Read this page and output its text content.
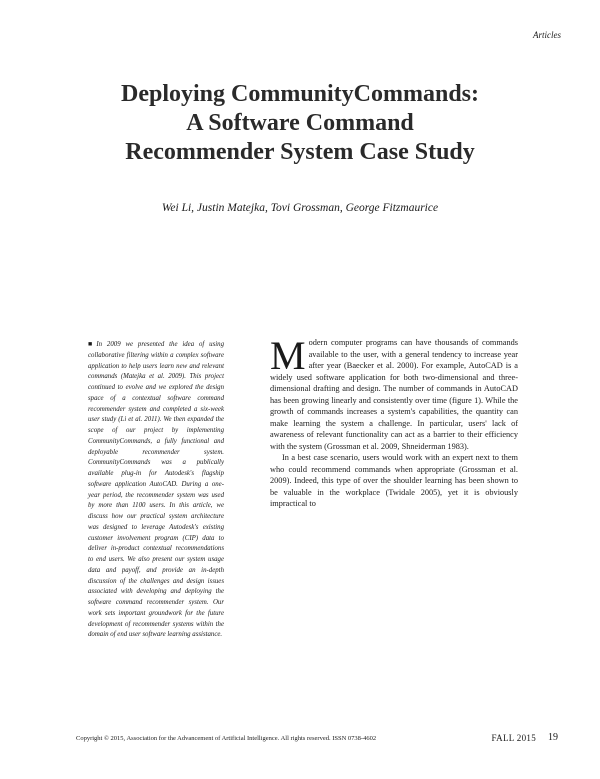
Articles
Deploying CommunityCommands:
A Software Command
Recommender System Case Study
Wei Li, Justin Matejka, Tovi Grossman, George Fitzmaurice
■In 2009 we presented the idea of using collaborative filtering within a complex software application to help users learn new and relevant commands (Matejka et al. 2009). This project continued to evolve and we explored the design space of a contextual software command recommender system and completed a six-week user study (Li et al. 2011). We then expanded the scope of our project by implementing CommunityCommands, a fully functional and deployable recommender system. CommunityCommands was a publically available plug-in for Autodesk's flagship software application AutoCAD. During a one-year period, the recommender system was used by more than 1100 users. In this article, we discuss how our practical system architecture was designed to leverage Autodesk's existing customer involvement program (CIP) data to deliver in-product contextual recommendations to end users. We also present our system usage data and payoff, and provide an in-depth discussion of the challenges and design issues associated with developing and deploying the software command recommender system. Our work sets important groundwork for the future development of recommender systems within the domain of end user software learning assistance.

Modern computer programs can have thousands of commands available to the user, with a general tendency to increase year after year (Baecker et al. 2000). For example, AutoCAD is a widely used software application for both two-dimensional and three-dimensional drafting and design. The number of commands in AutoCAD has been growing linearly and consistently over time (figure 1). While the growth of commands increases a system's capabilities, the quantity can make learning the system a challenge. In particular, users' lack of awareness of relevant functionality can act as a barrier to their efficiency with the system (Grossman et al. 2009, Shneiderman 1983).

In a best case scenario, users would work with an expert next to them who could recommend commands when appropriate (Grossman et al. 2009). Indeed, this type of over the shoulder learning has been shown to be valuable in the workplace (Twidale 2005), yet it is obviously impractical to

Copyright © 2015, Association for the Advancement of Artificial Intelligence. All rights reserved. ISSN 0738-4602	FALL 2015 19
